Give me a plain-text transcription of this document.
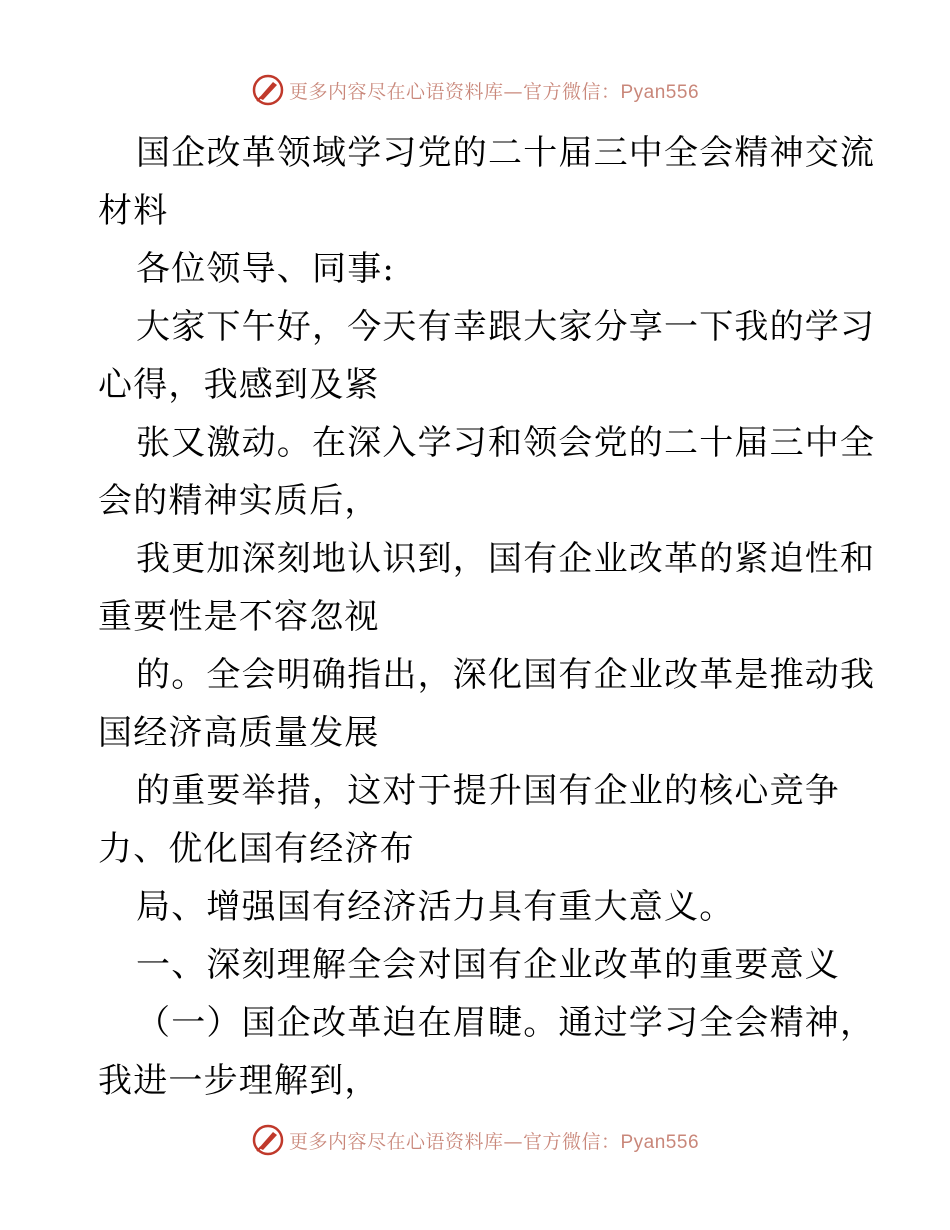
更多内容尽在心语资料库—官方微信：Pyan556
国企改革领域学习党的二十届三中全会精神交流
材料
各位领导、同事:
大家下午好，今天有幸跟大家分享一下我的学习
心得，我感到及紧
张又激动。在深入学习和领会党的二十届三中全
会的精神实质后，
我更加深刻地认识到，国有企业改革的紧迫性和
重要性是不容忽视
的。全会明确指出，深化国有企业改革是推动我
国经济高质量发展
的重要举措，这对于提升国有企业的核心竞争
力、优化国有经济布
局、增强国有经济活力具有重大意义。
一、深刻理解全会对国有企业改革的重要意义
（一）国企改革迫在眉睫。通过学习全会精神，
我进一步理解到，
更多内容尽在心语资料库—官方微信：Pyan556
